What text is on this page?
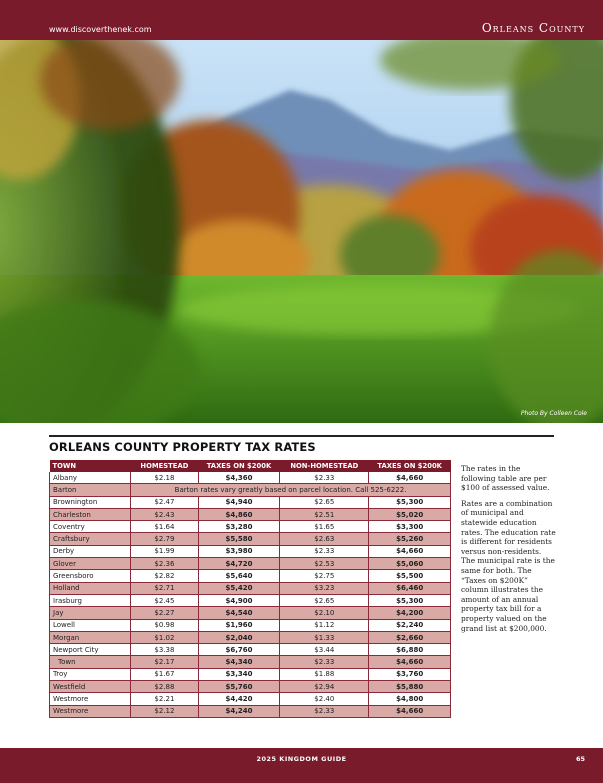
www.discoverthenek.com	Orleans County
Photo By Colleen Cole
ORLEANS COUNTY PROPERTY TAX RATES
TOWN	HOMESTEAD	TAXES ON $200K	NON-HOMESTEAD	TAXES ON $200K
Albany	$2.18	$4,360	$2.33	$4,660
Barton	Barton rates vary greatly based on parcel location. Call 525-6222.			
Brownington	$2.47	$4,940	$2.65	$5,300
Charleston	$2.43	$4,860	$2.51	$5,020
Coventry	$1.64	$3,280	$1.65	$3,300
Craftsbury	$2.79	$5,580	$2.63	$5,260
Derby	$1.99	$3,980	$2.33	$4,660
Glover	$2.36	$4,720	$2.53	$5,060
Greensboro	$2.82	$5,640	$2.75	$5,500
Holland	$2.71	$5,420	$3.23	$6,460
Irasburg	$2.45	$4,900	$2.65	$5,300
Jay	$2.27	$4,540	$2.10	$4,200
Lowell	$0.98	$1,960	$1.12	$2,240
Morgan	$1.02	$2,040	$1.33	$2,660
Newport City	$3.38	$6,760	$3.44	$6,880
Town	$2.17	$4,340	$2.33	$4,660
Troy	$1.67	$3,340	$1.88	$3,760
Westfield	$2.88	$5,760	$2.94	$5,880
Westmore	$2.21	$4,420	$2.40	$4,800
Westmore	$2.12	$4,240	$2.33	$4,660

The rates in the following table are per $100 of assessed value.

Rates are a combination of municipal and statewide education rates. The education rate is different for residents versus non-residents. The municipal rate is the same for both. The “Taxes on $200K” column illustrates the amount of an annual property tax bill for a property valued on the grand list at $200,000.

2025 KINGDOM GUIDE	65
